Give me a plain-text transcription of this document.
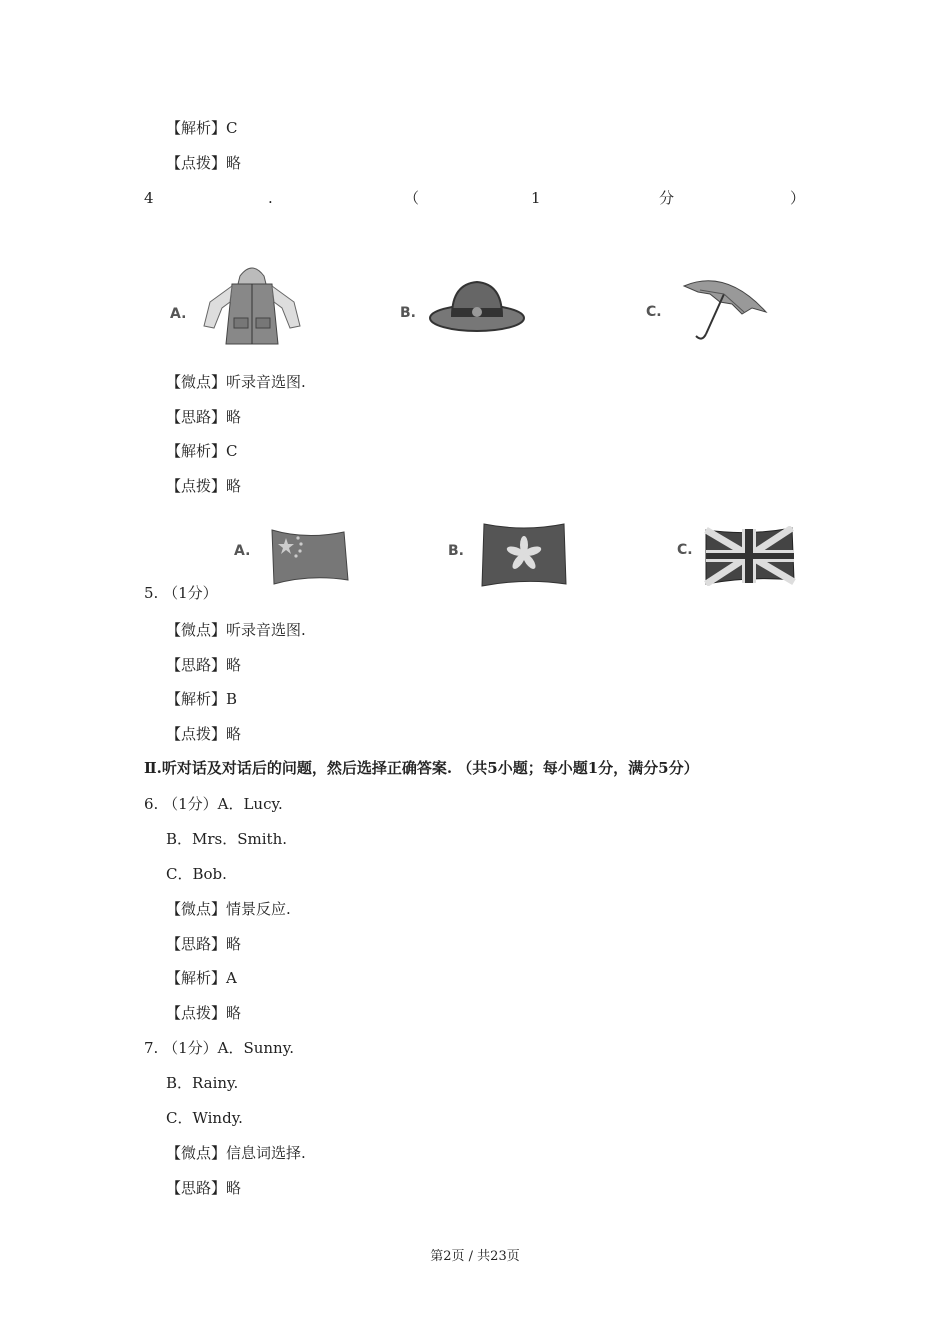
【解析】C
【点拨】略
4	.	（	1	分	）
A.	B.	C.
【微点】听录音选图.
【思路】略
【解析】C
【点拨】略
A.	B.	C.
5. （1分）
【微点】听录音选图.
【思路】略
【解析】B
【点拨】略
Ⅱ.听对话及对话后的问题，然后选择正确答案. （共5小题；每小题1分，满分5分）
6. （1分）A．Lucy.
B．Mrs．Smith.
C．Bob.
【微点】情景反应.
【思路】略
【解析】A
【点拨】略
7. （1分）A．Sunny.
B．Rainy.
C．Windy.
【微点】信息词选择.
【思路】略
第2页 / 共23页
